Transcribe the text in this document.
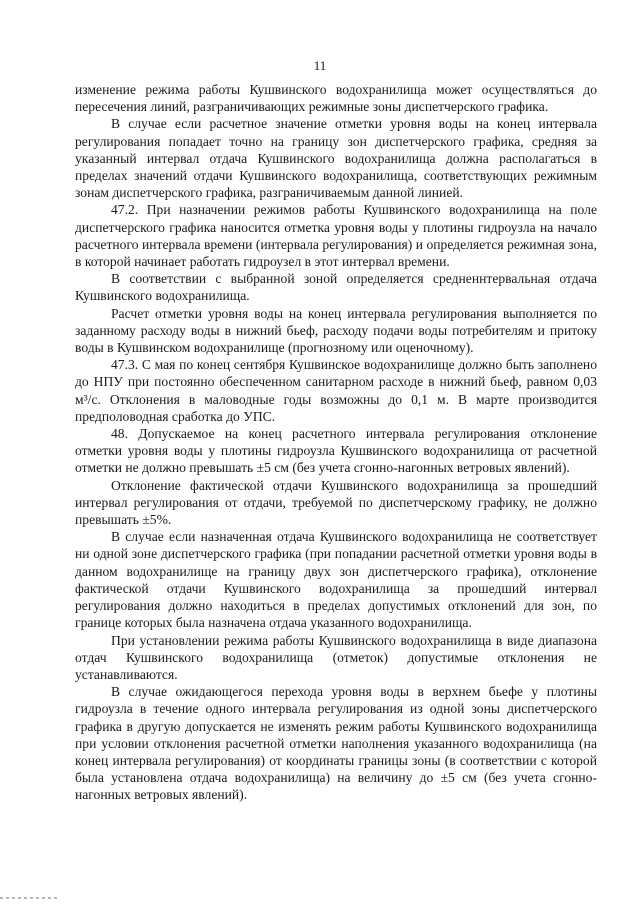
11

изменение режима работы Кушвинского водохранилища может осуществляться до пересечения линий, разграничивающих режимные зоны диспетчерского графика.

В случае если расчетное значение отметки уровня воды на конец интервала регулирования попадает точно на границу зон диспетчерского графика, средняя за указанный интервал отдача Кушвинского водохранилища должна располагаться в пределах значений отдачи Кушвинского водохранилища, соответствующих режимным зонам диспетчерского графика, разграничиваемым данной линией.

47.2. При назначении режимов работы Кушвинского водохранилища на поле диспетчерского графика наносится отметка уровня воды у плотины гидроузла на начало расчетного интервала времени (интервала регулирования) и определяется режимная зона, в которой начинает работать гидроузел в этот интервал времени.

В соответствии с выбранной зоной определяется средненнтервальная отдача Кушвинского водохранилища.

Расчет отметки уровня воды на конец интервала регулирования выполняется по заданному расходу воды в нижний бьеф, расходу подачи воды потребителям и притоку воды в Кушвинском водохранилище (прогнозному или оценочному).

47.3. С мая по конец сентября Кушвинское водохранилище должно быть заполнено до НПУ при постоянно обеспеченном санитарном расходе в нижний бьеф, равном 0,03 м³/с. Отклонения в маловодные годы возможны до 0,1 м. В марте производится предполоводная сработка до УПС.

48. Допускаемое на конец расчетного интервала регулирования отклонение отметки уровня воды у плотины гидроузла Кушвинского водохранилища от расчетной отметки не должно превышать ±5 см (без учета сгонно-нагонных ветровых явлений).

Отклонение фактической отдачи Кушвинского водохранилища за прошедший интервал регулирования от отдачи, требуемой по диспетчерскому графику, не должно превышать ±5%.

В случае если назначенная отдача Кушвинского водохранилища не соответствует ни одной зоне диспетчерского графика (при попадании расчетной отметки уровня воды в данном водохранилище на границу двух зон диспетчерского графика), отклонение фактической отдачи Кушвинского водохранилища за прошедший интервал регулирования должно находиться в пределах допустимых отклонений для зон, по границе которых была назначена отдача указанного водохранилища.

При установлении режима работы Кушвинского водохранилища в виде диапазона отдач Кушвинского водохранилища (отметок) допустимые отклонения не устанавливаются.

В случае ожидающегося перехода уровня воды в верхнем бьефе у плотины гидроузла в течение одного интервала регулирования из одной зоны диспетчерского графика в другую допускается не изменять режим работы Кушвинского водохранилища при условии отклонения расчетной отметки наполнения указанного водохранилища (на конец интервала регулирования) от координаты границы зоны (в соответствии с которой была установлена отдача водохранилища) на величину до ±5 см (без учета сгонно-нагонных ветровых явлений).
